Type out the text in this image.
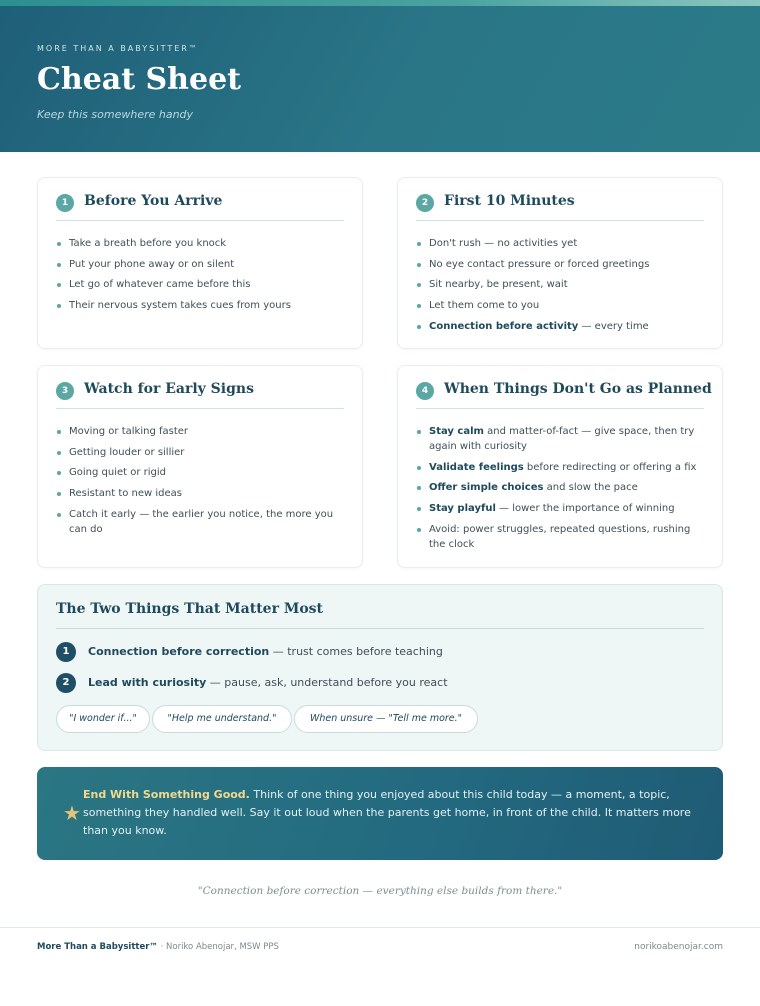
MORE THAN A BABYSITTER™
Cheat Sheet
Keep this somewhere handy
1	Before You Arrive
Take a breath before you knock
Put your phone away or on silent
Let go of whatever came before this
Their nervous system takes cues from yours
2	First 10 Minutes
Don't rush — no activities yet
No eye contact pressure or forced greetings
Sit nearby, be present, wait
Let them come to you
Connection before activity — every time
3	Watch for Early Signs
Moving or talking faster
Getting louder or sillier
Going quiet or rigid
Resistant to new ideas
Catch it early — the earlier you notice, the more you can do
4	When Things Don't Go as Planned
Stay calm and matter-of-fact — give space, then try again with curiosity
Validate feelings before redirecting or offering a fix
Offer simple choices and slow the pace
Stay playful — lower the importance of winning
Avoid: power struggles, repeated questions, rushing the clock
The Two Things That Matter Most
1	Connection before correction — trust comes before teaching
2	Lead with curiosity — pause, ask, understand before you react
"I wonder if..."	"Help me understand."	When unsure — "Tell me more."
★
End With Something Good. Think of one thing you enjoyed about this child today — a moment, a topic, something they handled well. Say it out loud when the parents get home, in front of the child. It matters more than you know.
"Connection before correction — everything else builds from there."
More Than a Babysitter™ · Noriko Abenojar, MSW PPS	norikoabenojar.com
